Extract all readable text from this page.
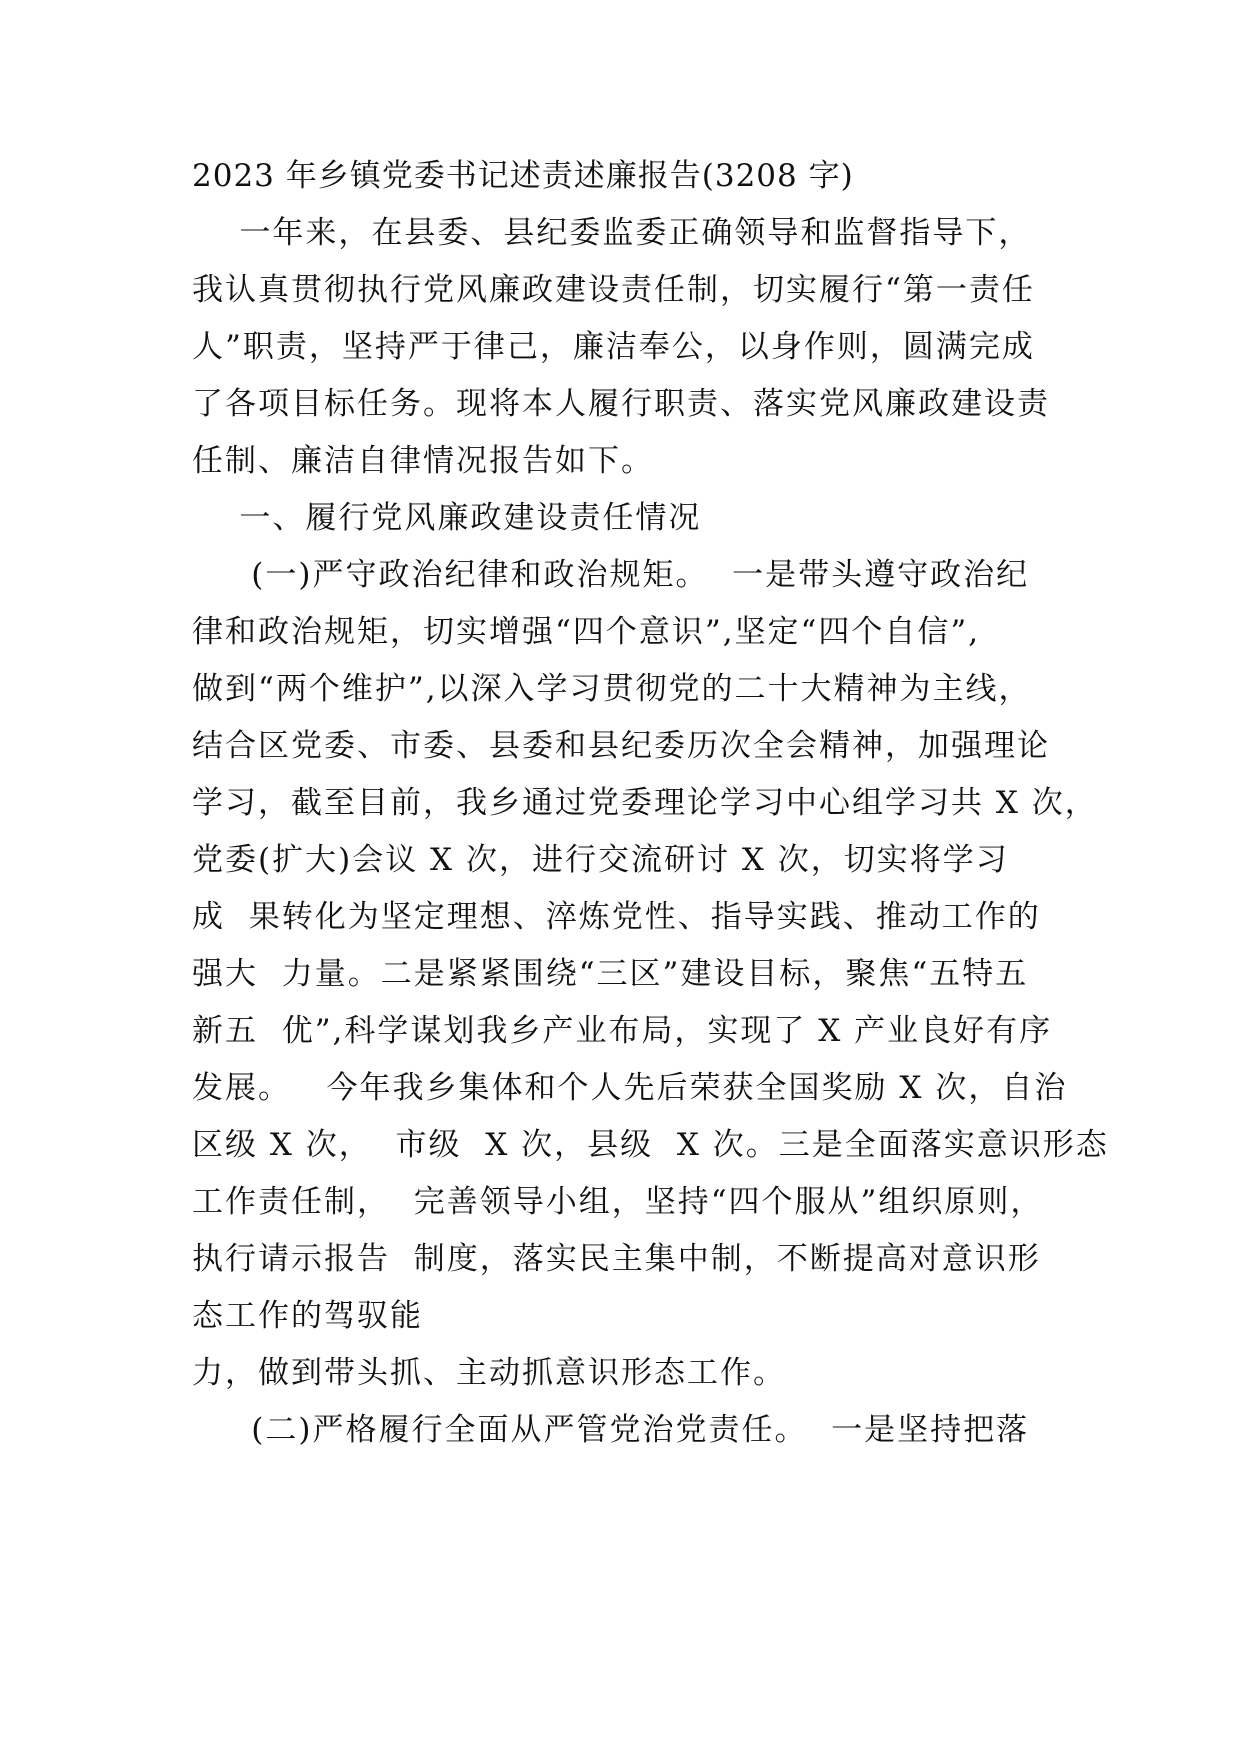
2023 年乡镇党委书记述责述廉报告(3208 字)
一年来，在县委、县纪委监委正确领导和监督指导下，
我认真贯彻执行党风廉政建设责任制，切实履行“第一责任
人”职责，坚持严于律己，廉洁奉公，以身作则，圆满完成
了各项目标任务。现将本人履行职责、落实党风廉政建设责
任制、廉洁自律情况报告如下。
一、履行党风廉政建设责任情况
(一)严守政治纪律和政治规矩。  一是带头遵守政治纪
律和政治规矩，切实增强“四个意识”,坚定“四个自信”,
做到“两个维护”,以深入学习贯彻党的二十大精神为主线，
结合区党委、市委、县委和县纪委历次全会精神，加强理论
学习，截至目前，我乡通过党委理论学习中心组学习共 X 次，
党委(扩大)会议 X 次，进行交流研讨 X 次，切实将学习
成  果转化为坚定理想、淬炼党性、指导实践、推动工作的
强大  力量。二是紧紧围绕“三区”建设目标，聚焦“五特五
新五  优”,科学谋划我乡产业布局，实现了 X 产业良好有序
发展。   今年我乡集体和个人先后荣获全国奖励 X 次，自治
区级 X 次，  市级  X 次，县级  X 次。三是全面落实意识形态
工作责任制，  完善领导小组，坚持“四个服从”组织原则，
执行请示报告  制度，落实民主集中制，不断提高对意识形
态工作的驾驭能
力，做到带头抓、主动抓意识形态工作。
(二)严格履行全面从严管党治党责任。  一是坚持把落
